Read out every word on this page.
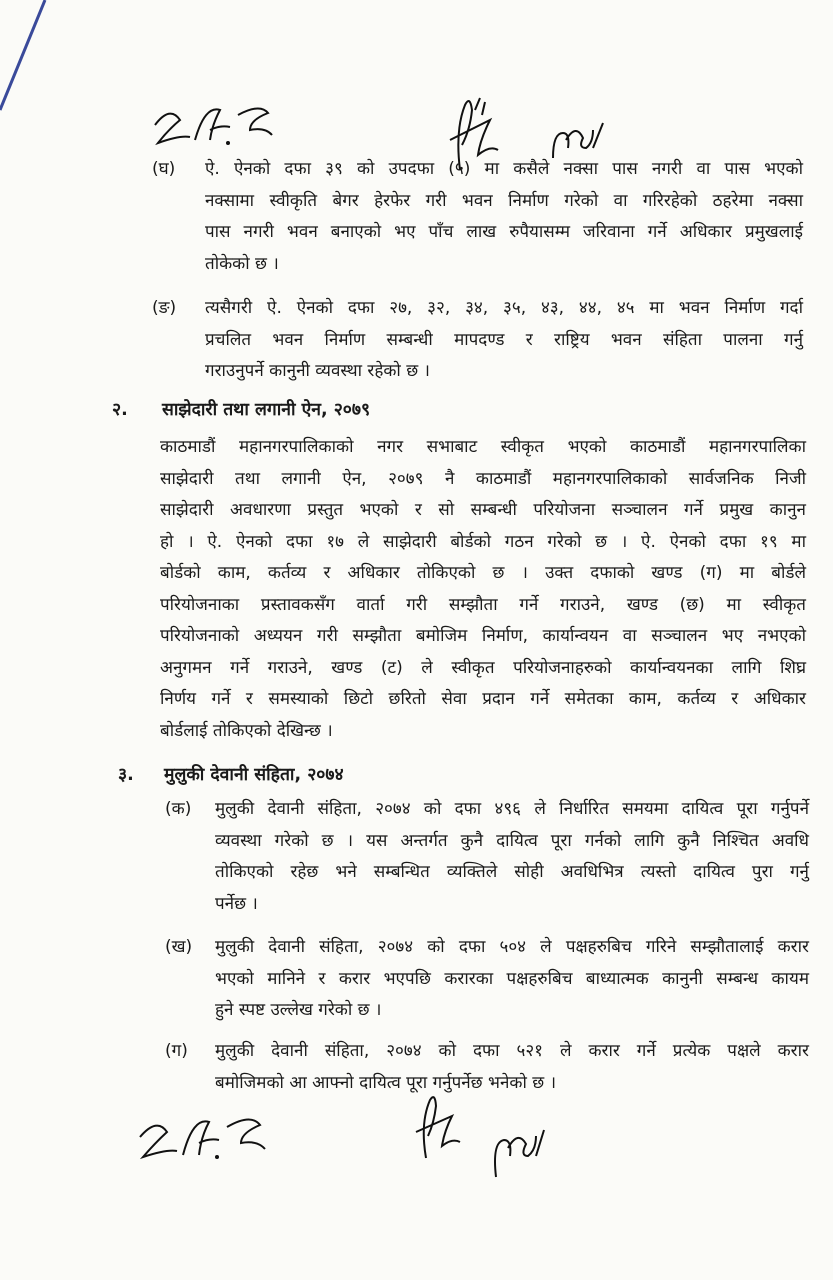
(घ) ऐ. ऐनको दफा ३९ को उपदफा (५) मा कसैले नक्सा पास नगरी वा पास भएको
नक्सामा स्वीकृति बेगर हेरफेर गरी भवन निर्माण गरेको वा गरिरहेको ठहरेमा नक्सा
पास नगरी भवन बनाएको भए पाँच लाख रुपैयासम्म जरिवाना गर्ने अधिकार प्रमुखलाई
तोकेको छ ।
(ङ) त्यसैगरी ऐ. ऐनको दफा २७, ३२, ३४, ३५, ४३, ४४, ४५ मा भवन निर्माण गर्दा
प्रचलित भवन निर्माण सम्बन्धी मापदण्ड र राष्ट्रिय भवन संहिता पालना गर्नु
गराउनुपर्ने कानुनी व्यवस्था रहेको छ ।
२. साझेदारी तथा लगानी ऐन, २०७९
काठमाडौं महानगरपालिकाको नगर सभाबाट स्वीकृत भएको काठमाडौं महानगरपालिका
साझेदारी तथा लगानी ऐन, २०७९ नै काठमाडौं महानगरपालिकाको सार्वजनिक निजी
साझेदारी अवधारणा प्रस्तुत भएको र सो सम्बन्धी परियोजना सञ्चालन गर्ने प्रमुख कानुन
हो । ऐ. ऐनको दफा १७ ले साझेदारी बोर्डको गठन गरेको छ । ऐ. ऐनको दफा १९ मा
बोर्डको काम, कर्तव्य र अधिकार तोकिएको छ । उक्त दफाको खण्ड (ग) मा बोर्डले
परियोजनाका प्रस्तावकसँग वार्ता गरी सम्झौता गर्ने गराउने, खण्ड (छ) मा स्वीकृत
परियोजनाको अध्ययन गरी सम्झौता बमोजिम निर्माण, कार्यान्वयन वा सञ्चालन भए नभएको
अनुगमन गर्ने गराउने, खण्ड (ट) ले स्वीकृत परियोजनाहरुको कार्यान्वयनका लागि शिघ्र
निर्णय गर्ने र समस्याको छिटो छरितो सेवा प्रदान गर्ने समेतका काम, कर्तव्य र अधिकार
बोर्डलाई तोकिएको देखिन्छ ।
३. मुलुकी देवानी संहिता, २०७४
(क) मुलुकी देवानी संहिता, २०७४ को दफा ४९६ ले निर्धारित समयमा दायित्व पूरा गर्नुपर्ने
व्यवस्था गरेको छ । यस अन्तर्गत कुनै दायित्व पूरा गर्नको लागि कुनै निश्चित अवधि
तोकिएको रहेछ भने सम्बन्धित व्यक्तिले सोही अवधिभित्र त्यस्तो दायित्व पुरा गर्नु
पर्नेछ ।
(ख) मुलुकी देवानी संहिता, २०७४ को दफा ५०४ ले पक्षहरुबिच गरिने सम्झौतालाई करार
भएको मानिने र करार भएपछि करारका पक्षहरुबिच बाध्यात्मक कानुनी सम्बन्ध कायम
हुने स्पष्ट उल्लेख गरेको छ ।
(ग) मुलुकी देवानी संहिता, २०७४ को दफा ५२१ ले करार गर्ने प्रत्येक पक्षले करार
बमोजिमको आ आफ्नो दायित्व पूरा गर्नुपर्नेछ भनेको छ ।
